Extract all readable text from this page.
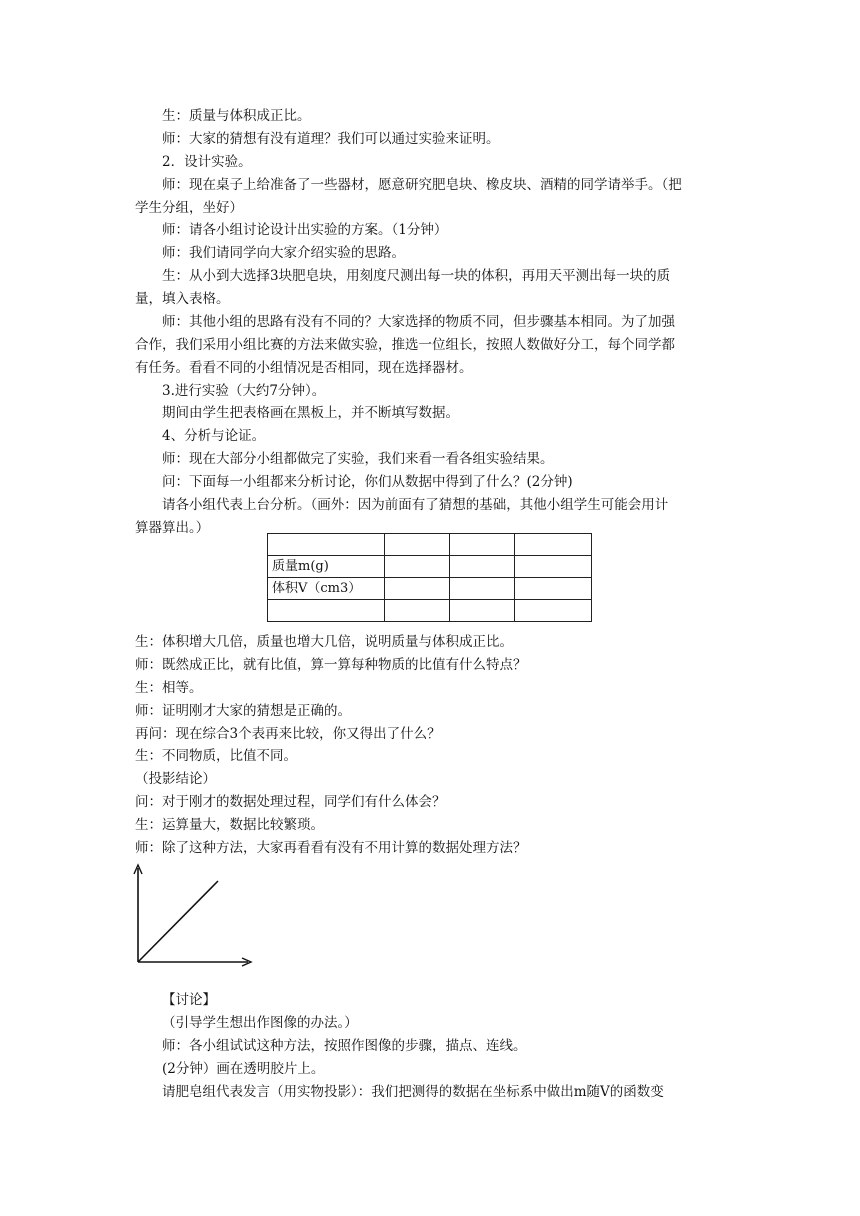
生：质量与体积成正比。
师：大家的猜想有没有道理？我们可以通过实验来证明。
2．设计实验。
师：现在桌子上给准备了一些器材，愿意研究肥皂块、橡皮块、酒精的同学请举手。（把
学生分组，坐好）
师：请各小组讨论设计出实验的方案。（1分钟）
师：我们请同学向大家介绍实验的思路。
生：从小到大选择3块肥皂块，用刻度尺测出每一块的体积，再用天平测出每一块的质
量，填入表格。
师：其他小组的思路有没有不同的？大家选择的物质不同，但步骤基本相同。为了加强
合作，我们采用小组比赛的方法来做实验，推选一位组长，按照人数做好分工，每个同学都
有任务。看看不同的小组情况是否相同，现在选择器材。
3.进行实验（大约7分钟）。
期间由学生把表格画在黑板上，并不断填写数据。
4、分析与论证。
师：现在大部分小组都做完了实验，我们来看一看各组实验结果。
问：下面每一小组都来分析讨论，你们从数据中得到了什么？(2分钟)
请各小组代表上台分析。（画外：因为前面有了猜想的基础，其他小组学生可能会用计
算器算出。）

质量m(g)			
体积V（cm3）			

生：体积增大几倍，质量也增大几倍，说明质量与体积成正比。
师：既然成正比，就有比值，算一算每种物质的比值有什么特点？
生：相等。
师：证明刚才大家的猜想是正确的。
再问：现在综合3个表再来比较，你又得出了什么？
生：不同物质，比值不同。
（投影结论）
问：对于刚才的数据处理过程，同学们有什么体会？
生：运算量大，数据比较繁琐。
师：除了这种方法，大家再看看有没有不用计算的数据处理方法？
【讨论】
（引导学生想出作图像的办法。）
师：各小组试试这种方法，按照作图像的步骤，描点、连线。
(2分钟）画在透明胶片上。
请肥皂组代表发言（用实物投影）：我们把测得的数据在坐标系中做出m随V的函数变
